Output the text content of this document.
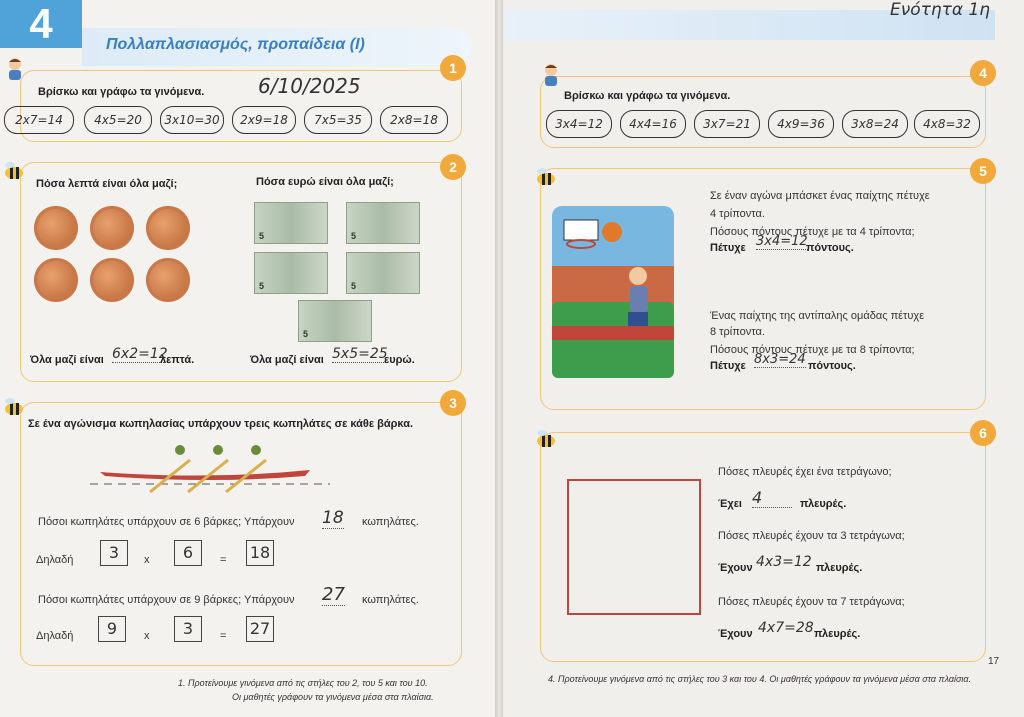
4	Πολλαπλασιασμός, προπαίδεια (Ι)
Ενότητα 1η
1
Βρίσκω και γράφω τα γινόμενα.	6/10/2025
2x7=14	4x5=20	3x10=30	2x9=18	7x5=35	2x8=18
2
Πόσα λεπτά είναι όλα μαζί;	Πόσα ευρώ είναι όλα μαζί;
5	5
5	5
5
Όλα μαζί είναι 6x2=12
λεπτά.	Όλα μαζί είναι 5x5=25
ευρώ.
3
Σε ένα αγώνισμα κωπηλασίας υπάρχουν τρεις κωπηλάτες σε κάθε βάρκα.
Πόσοι κωπηλάτες υπάρχουν σε 6 βάρκες; Υπάρχουν 18 κωπηλάτες.
Δηλαδή	3	x	6	= 18
Πόσοι κωπηλάτες υπάρχουν σε 9 βάρκες; Υπάρχουν 27 κωπηλάτες.
Δηλαδή	9	x	3	= 27
1. Προτείνουμε γινόμενα από τις στήλες του 2, του 5 και του 10.
Οι μαθητές γράφουν τα γινόμενα μέσα στα πλαίσια.
4
Βρίσκω και γράφω τα γινόμενα.
3x4=12	4x4=16	3x7=21	4x9=36	3x8=24	4x8=32
5
Σε έναν αγώνα μπάσκετ ένας παίχτης πέτυχε
4 τρίποντα.
Πόσους πόντους πέτυχε με τα 4 τρίποντα;
Πέτυχε 3x4=12
πόντους.
Ένας παίχτης της αντίπαλης ομάδας πέτυχε
8 τρίποντα.
Πόσους πόντους πέτυχε με τα 8 τρίποντα;
Πέτυχε 8x3=24 πόντους.
6
Πόσες πλευρές έχει ένα τετράγωνο;
Έχει 4	πλευρές.
Πόσες πλευρές έχουν τα 3 τετράγωνα;
Έχουν 4x3=12 πλευρές.
Πόσες πλευρές έχουν τα 7 τετράγωνα;
Έχουν 4x7=28 πλευρές.
4. Προτείνουμε γινόμενα από τις στήλες του 3 και του 4. Οι μαθητές γράφουν τα γινόμενα μέσα στα πλαίσια.
17
